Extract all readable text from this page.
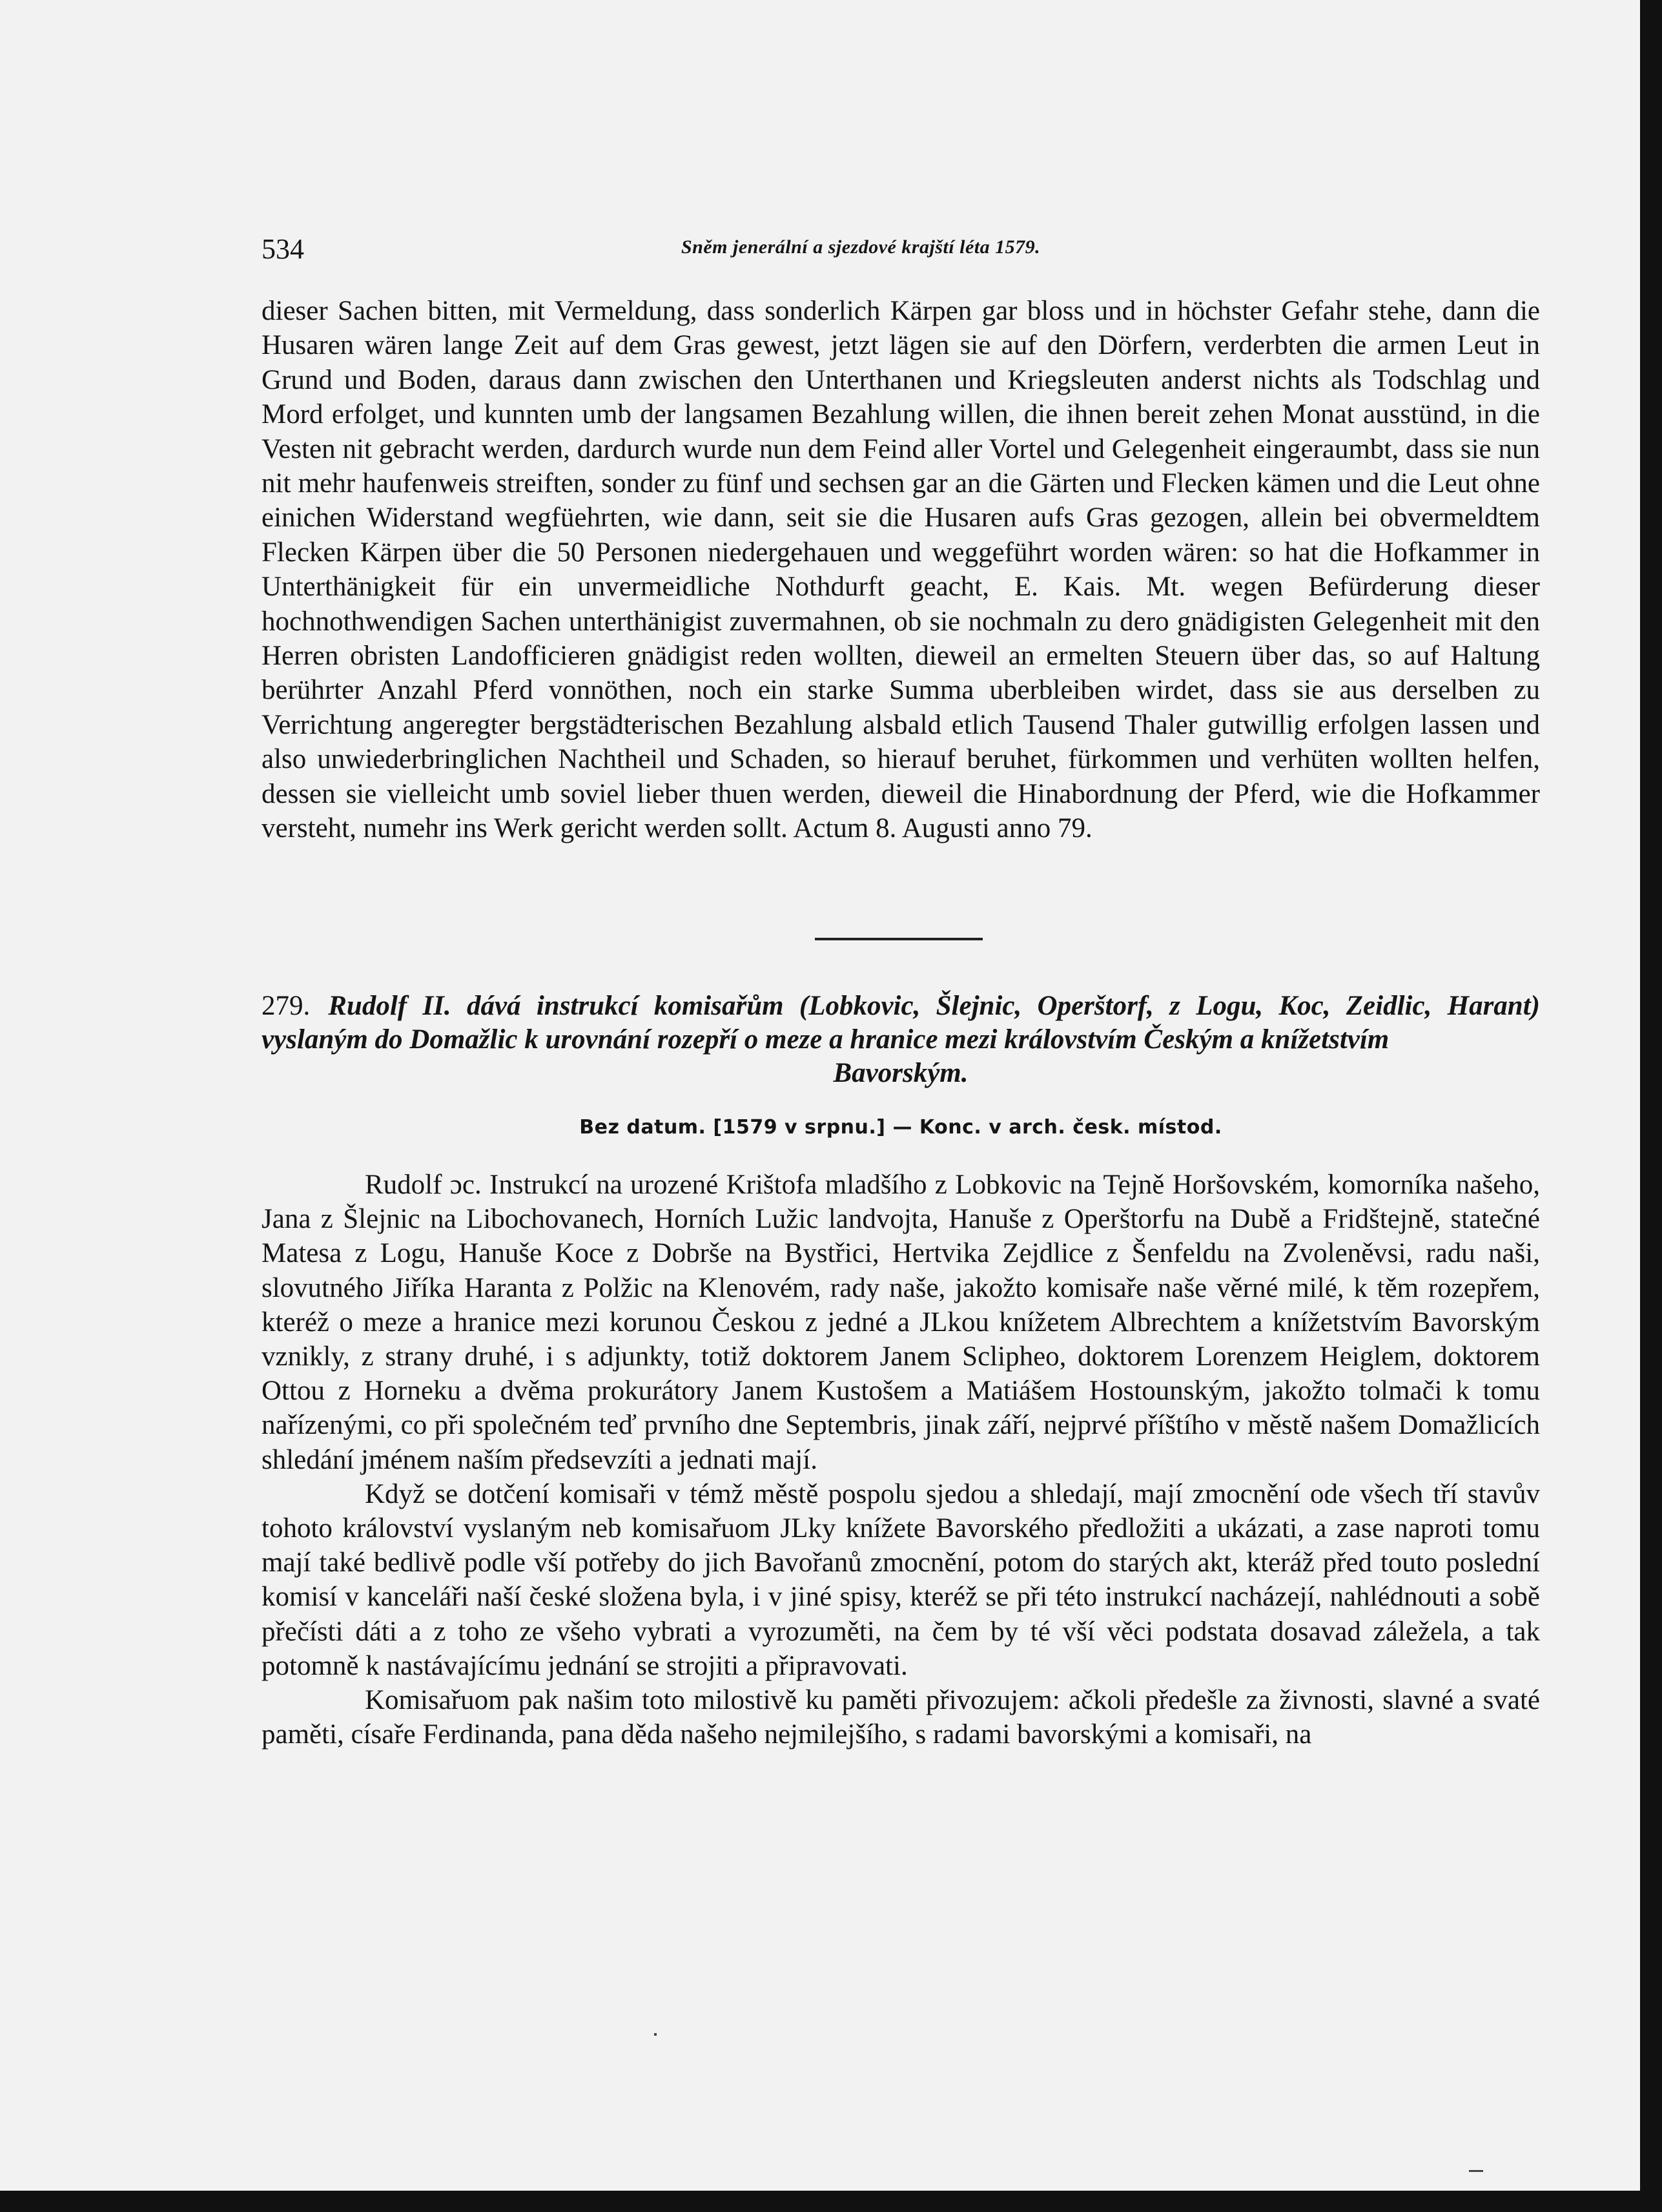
534	Sněm jenerální a sjezdové krajští léta 1579.

dieser Sachen bitten, mit Vermeldung, dass sonderlich Kärpen gar bloss und in höchster Gefahr stehe, dann die Husaren wären lange Zeit auf dem Gras gewest, jetzt lägen sie auf den Dörfern, verderbten die armen Leut in Grund und Boden, daraus dann zwischen den Unterthanen und Kriegsleuten anderst nichts als Todschlag und Mord erfolget, und kunnten umb der langsamen Bezahlung willen, die ihnen bereit zehen Monat ausstünd, in die Vesten nit gebracht werden, dardurch wurde nun dem Feind aller Vortel und Gelegenheit eingeraumbt, dass sie nun nit mehr haufenweis streiften, sonder zu fünf und sechsen gar an die Gärten und Flecken kämen und die Leut ohne einichen Widerstand wegfüehrten, wie dann, seit sie die Husaren aufs Gras gezogen, allein bei obvermeldtem Flecken Kärpen über die 50 Personen niedergehauen und weggeführt worden wären: so hat die Hofkammer in Unterthänigkeit für ein unvermeidliche Nothdurft geacht, E. Kais. Mt. wegen Befürderung dieser hochnothwendigen Sachen unterthänigist zuvermahnen, ob sie nochmaln zu dero gnädigisten Gelegenheit mit den Herren obristen Landofficieren gnädigist reden wollten, dieweil an ermelten Steuern über das, so auf Haltung berührter Anzahl Pferd vonnöthen, noch ein starke Summa uberbleiben wirdet, dass sie aus derselben zu Verrichtung angeregter bergstädterischen Bezahlung alsbald etlich Tausend Thaler gutwillig erfolgen lassen und also unwiederbringlichen Nachtheil und Schaden, so hierauf beruhet, fürkommen und verhüten wollten helfen, dessen sie vielleicht umb soviel lieber thuen werden, dieweil die Hinabordnung der Pferd, wie die Hofkammer versteht, numehr ins Werk gericht werden sollt. Actum 8. Augusti anno 79.

279. Rudolf II. dává instrukcí komisařům (Lobkovic, Šlejnic, Operštorf, z Logu, Koc, Zeidlic, Harant) vyslaným do Domažlic k urovnání rozepří o meze a hranice mezi královstvím Českým a knížetstvím
Bavorským.
Bez datum. [1579 v srpnu.] — Konc. v arch. česk. místod.

Rudolf ɔc. Instrukcí na urozené Krištofa mladšího z Lobkovic na Tejně Horšovském, komorníka našeho, Jana z Šlejnic na Libochovanech, Horních Lužic landvojta, Hanuše z Operštorfu na Dubě a Fridštejně, statečné Matesa z Logu, Hanuše Koce z Dobrše na Bystřici, Hertvika Zejdlice z Šenfeldu na Zvoleněvsi, radu naši, slovutného Jiříka Haranta z Polžic na Klenovém, rady naše, jakožto komisaře naše věrné milé, k těm rozepřem, kteréž o meze a hranice mezi korunou Českou z jedné a JLkou knížetem Albrechtem a knížetstvím Bavorským vznikly, z strany druhé, i s adjunkty, totiž doktorem Janem Sclipheo, doktorem Lorenzem Heiglem, doktorem Ottou z Horneku a dvěma prokurátory Janem Kustošem a Matiášem Hostounským, jakožto tolmači k tomu nařízenými, co při společném teď prvního dne Septembris, jinak září, nejprvé příštího v městě našem Domažlicích shledání jménem naším předsevzíti a jednati mají.

Když se dotčení komisaři v témž městě pospolu sjedou a shledají, mají zmocnění ode všech tří stavův tohoto království vyslaným neb komisařuom JLky knížete Bavorského předložiti a ukázati, a zase naproti tomu mají také bedlivě podle vší potřeby do jich Bavořanů zmocnění, potom do starých akt, kteráž před touto poslední komisí v kanceláři naší české složena byla, i v jiné spisy, kteréž se při této instrukcí nacházejí, nahlédnouti a sobě přečísti dáti a z toho ze všeho vybrati a vyrozuměti, na čem by té vší věci podstata dosavad záležela, a tak potomně k nastávajícímu jednání se strojiti a připravovati.

Komisařuom pak našim toto milostivě ku paměti přivozujem: ačkoli předešle za živnosti, slavné a svaté paměti, císaře Ferdinanda, pana děda našeho nejmilejšího, s radami bavorskými a komisaři, na
